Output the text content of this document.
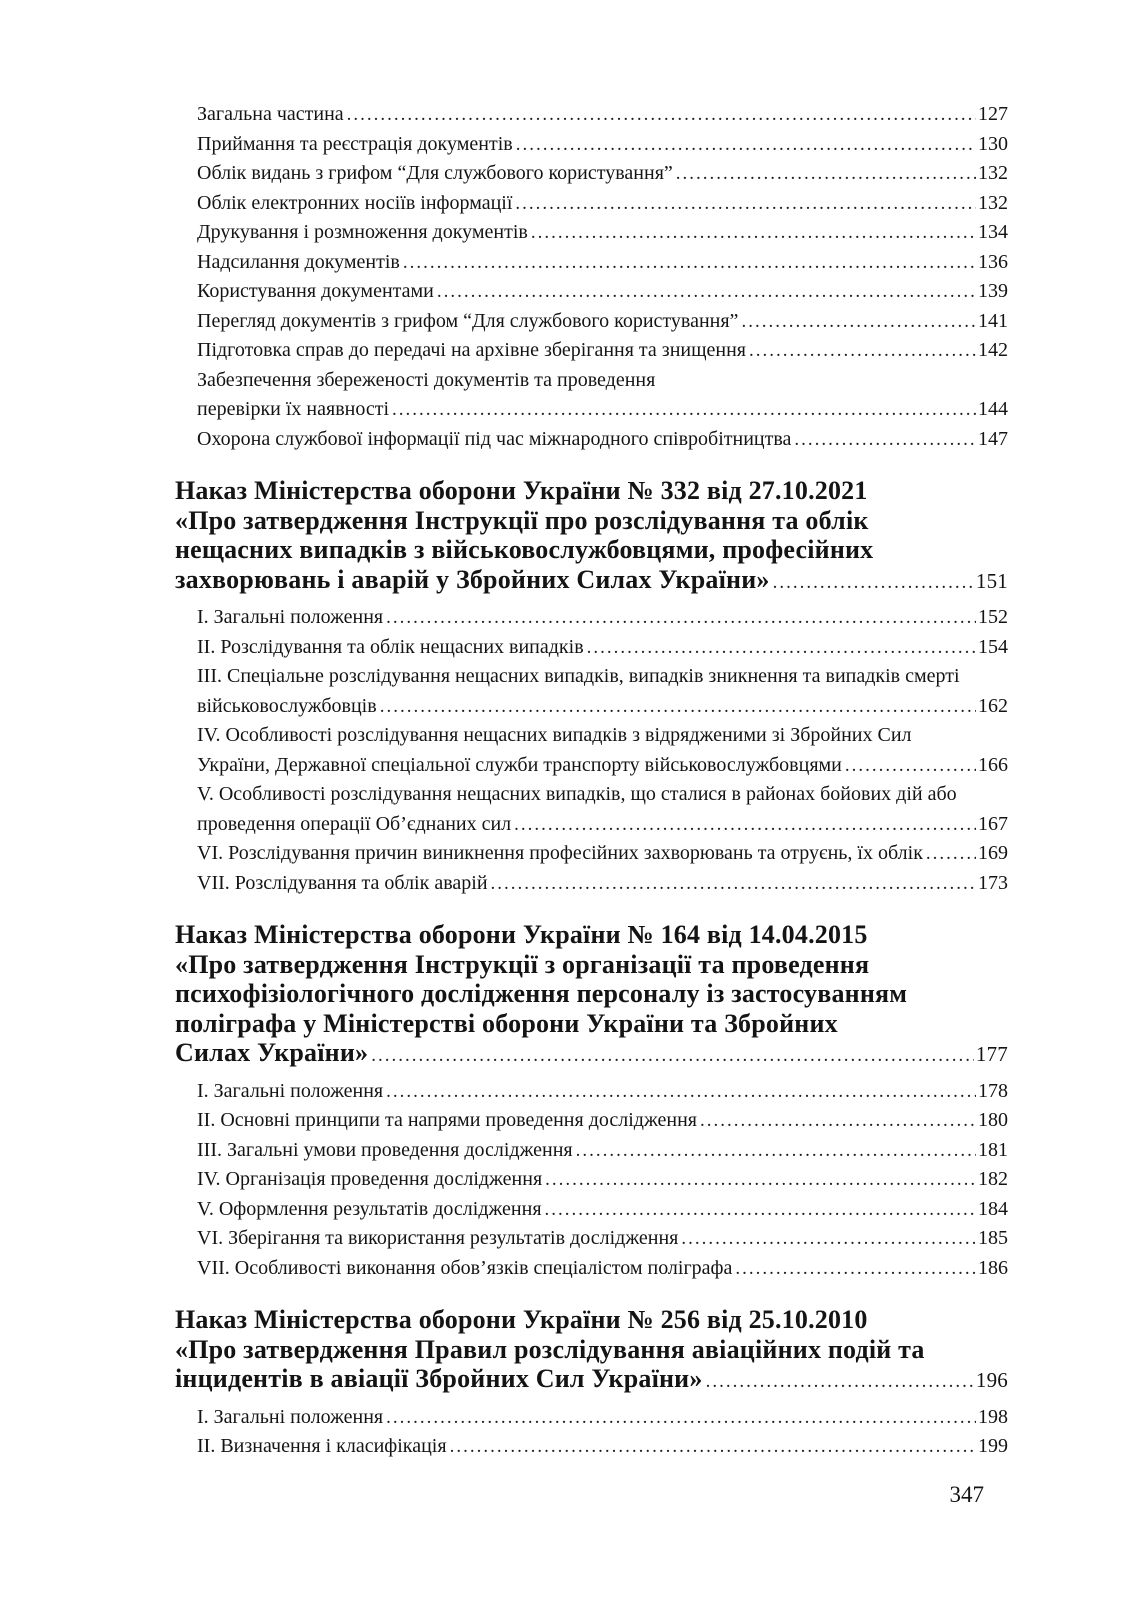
Загальна частина .....	127
Приймання та реєстрація документів .....	130
Облік видань з грифом “Для службового користування” .....	132
Облік електронних носіїв інформації .....	132
Друкування і розмноження документів .....	134
Надсилання документів .....	136
Користування документами .....	139
Перегляд документів з грифом “Для службового користування” .....	141
Підготовка справ до передачі на архівне зберігання та знищення .....	142
Забезпечення збереженості документів та проведення
перевірки їх наявності .....	144
Охорона службової інформації під час міжнародного співробітництва .....	147
Наказ Міністерства оборони України № 332 від 27.10.2021
«Про затвердження Інструкції про розслідування та облік
нещасних випадків з військовослужбовцями, професійних
захворювань і аварій у Збройних Силах України» .....	151
I. Загальні положення .....	152
II. Розслідування та облік нещасних випадків .....	154
III. Спеціальне розслідування нещасних випадків, випадків зникнення та випадків смерті
військовослужбовців .....	162
IV. Особливості розслідування нещасних випадків з відрядженими зі Збройних Сил
України, Державної спеціальної служби транспорту військовослужбовцями .....	166
V. Особливості розслідування нещасних випадків, що сталися в районах бойових дій або
проведення операції Об’єднаних сил .....	167
VI. Розслідування причин виникнення професійних захворювань та отруєнь, їх облік .....	169
VII. Розслідування та облік аварій .....	173
Наказ Міністерства оборони України № 164 від 14.04.2015
«Про затвердження Інструкції з організації та проведення
психофізіологічного дослідження персоналу із застосуванням
поліграфа у Міністерстві оборони України та Збройних
Силах України» .....	177
I. Загальні положення .....	178
II. Основні принципи та напрями проведення дослідження .....	180
III. Загальні умови проведення дослідження .....	181
IV. Організація проведення дослідження .....	182
V. Оформлення результатів дослідження .....	184
VI. Зберігання та використання результатів дослідження .....	185
VII. Особливості виконання обов’язків спеціалістом поліграфа .....	186
Наказ Міністерства оборони України № 256 від 25.10.2010
«Про затвердження Правил розслідування авіаційних подій та
інцидентів в авіації Збройних Сил України» .....	196
I. Загальні положення .....	198
II. Визначення і класифікація .....	199
347
